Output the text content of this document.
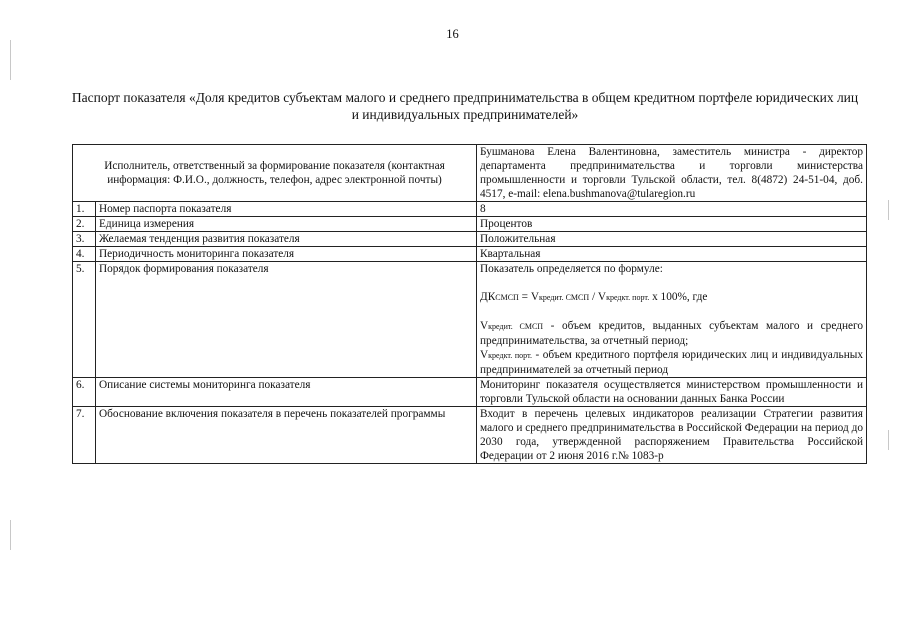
16
Паспорт показателя «Доля кредитов субъектам малого и среднего предпринимательства в общем кредитном портфеле юридических лиц и индивидуальных предпринимателей»
Исполнитель, ответственный за формирование показателя (контактная информация: Ф.И.О., должность, телефон, адрес электронной почты)		Бушманова Елена Валентиновна, заместитель министра - директор департамента предпринимательства и торговли министерства промышленности и торговли Тульской области, тел. 8(4872) 24-51-04, доб. 4517, e-mail: elena.bushmanova@tularegion.ru
1.	Номер паспорта показателя	8
2.	Единица измерения	Процентов
3.	Желаемая тенденция развития показателя	Положительная
4.	Периодичность мониторинга показателя	Квартальная
5.	Порядок формирования показателя	Показатель определяется по формуле:
ДКСМСП = Vкредит. СМСП / Vкредкт. порт. x 100%, где
Vкредит. СМСП - объем кредитов, выданных субъектам малого и среднего предпринимательства, за отчетный период;
Vкредкт. порт. - объем кредитного портфеля юридических лиц и индивидуальных предпринимателей за отчетный период

6.	Описание системы мониторинга показателя	Мониторинг показателя осуществляется министерством промышленности и торговли Тульской области на основании данных Банка России
7.	Обоснование включения показателя в перечень показателей программы	Входит в перечень целевых индикаторов реализации Стратегии развития малого и среднего предпринимательства в Российской Федерации на период до 2030 года, утвержденной распоряжением Правительства Российской Федерации от 2 июня 2016 г.№ 1083-р
